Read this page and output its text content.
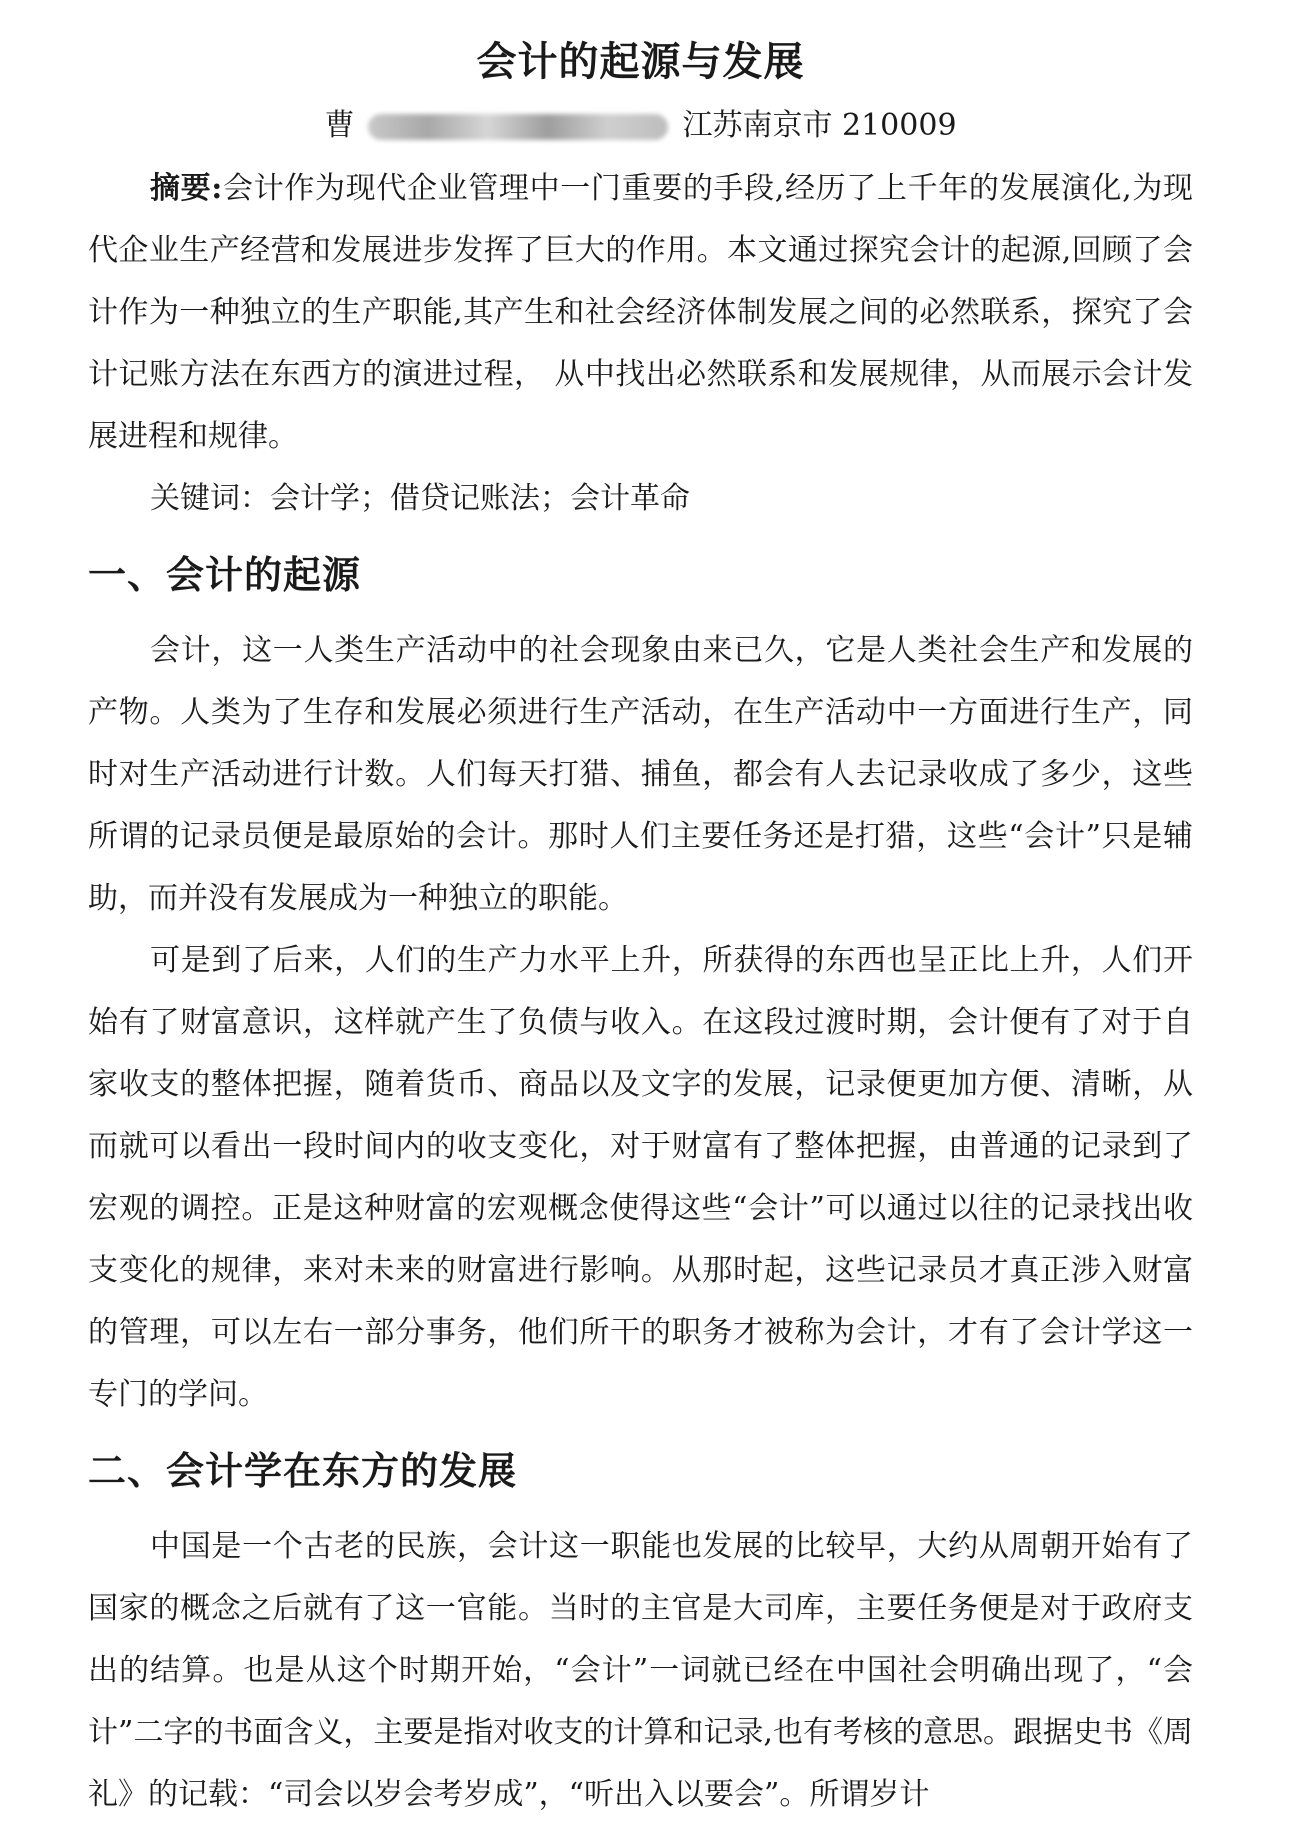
会计的起源与发展
曹	江苏南京市 210009

摘要:会计作为现代企业管理中一门重要的手段,经历了上千年的发展演化,为现代企业生产经营和发展进步发挥了巨大的作用。本文通过探究会计的起源,回顾了会计作为一种独立的生产职能,其产生和社会经济体制发展之间的必然联系，探究了会计记账方法在东西方的演进过程， 从中找出必然联系和发展规律，从而展示会计发展进程和规律。

关键词：会计学；借贷记账法；会计革命

一、会计的起源

会计，这一人类生产活动中的社会现象由来已久，它是人类社会生产和发展的产物。人类为了生存和发展必须进行生产活动，在生产活动中一方面进行生产，同时对生产活动进行计数。人们每天打猎、捕鱼，都会有人去记录收成了多少，这些所谓的记录员便是最原始的会计。那时人们主要任务还是打猎，这些“会计”只是辅助，而并没有发展成为一种独立的职能。

可是到了后来，人们的生产力水平上升，所获得的东西也呈正比上升，人们开始有了财富意识，这样就产生了负债与收入。在这段过渡时期，会计便有了对于自家收支的整体把握，随着货币、商品以及文字的发展，记录便更加方便、清晰，从而就可以看出一段时间内的收支变化，对于财富有了整体把握，由普通的记录到了宏观的调控。正是这种财富的宏观概念使得这些“会计”可以通过以往的记录找出收支变化的规律，来对未来的财富进行影响。从那时起，这些记录员才真正涉入财富的管理，可以左右一部分事务，他们所干的职务才被称为会计，才有了会计学这一专门的学问。

二、会计学在东方的发展

中国是一个古老的民族，会计这一职能也发展的比较早，大约从周朝开始有了国家的概念之后就有了这一官能。当时的主官是大司库，主要任务便是对于政府支出的结算。也是从这个时期开始，“会计”一词就已经在中国社会明确出现了，“会计”二字的书面含义，主要是指对收支的计算和记录,也有考核的意思。跟据史书《周礼》的记载：“司会以岁会考岁成”，“听出入以要会”。所谓岁计
